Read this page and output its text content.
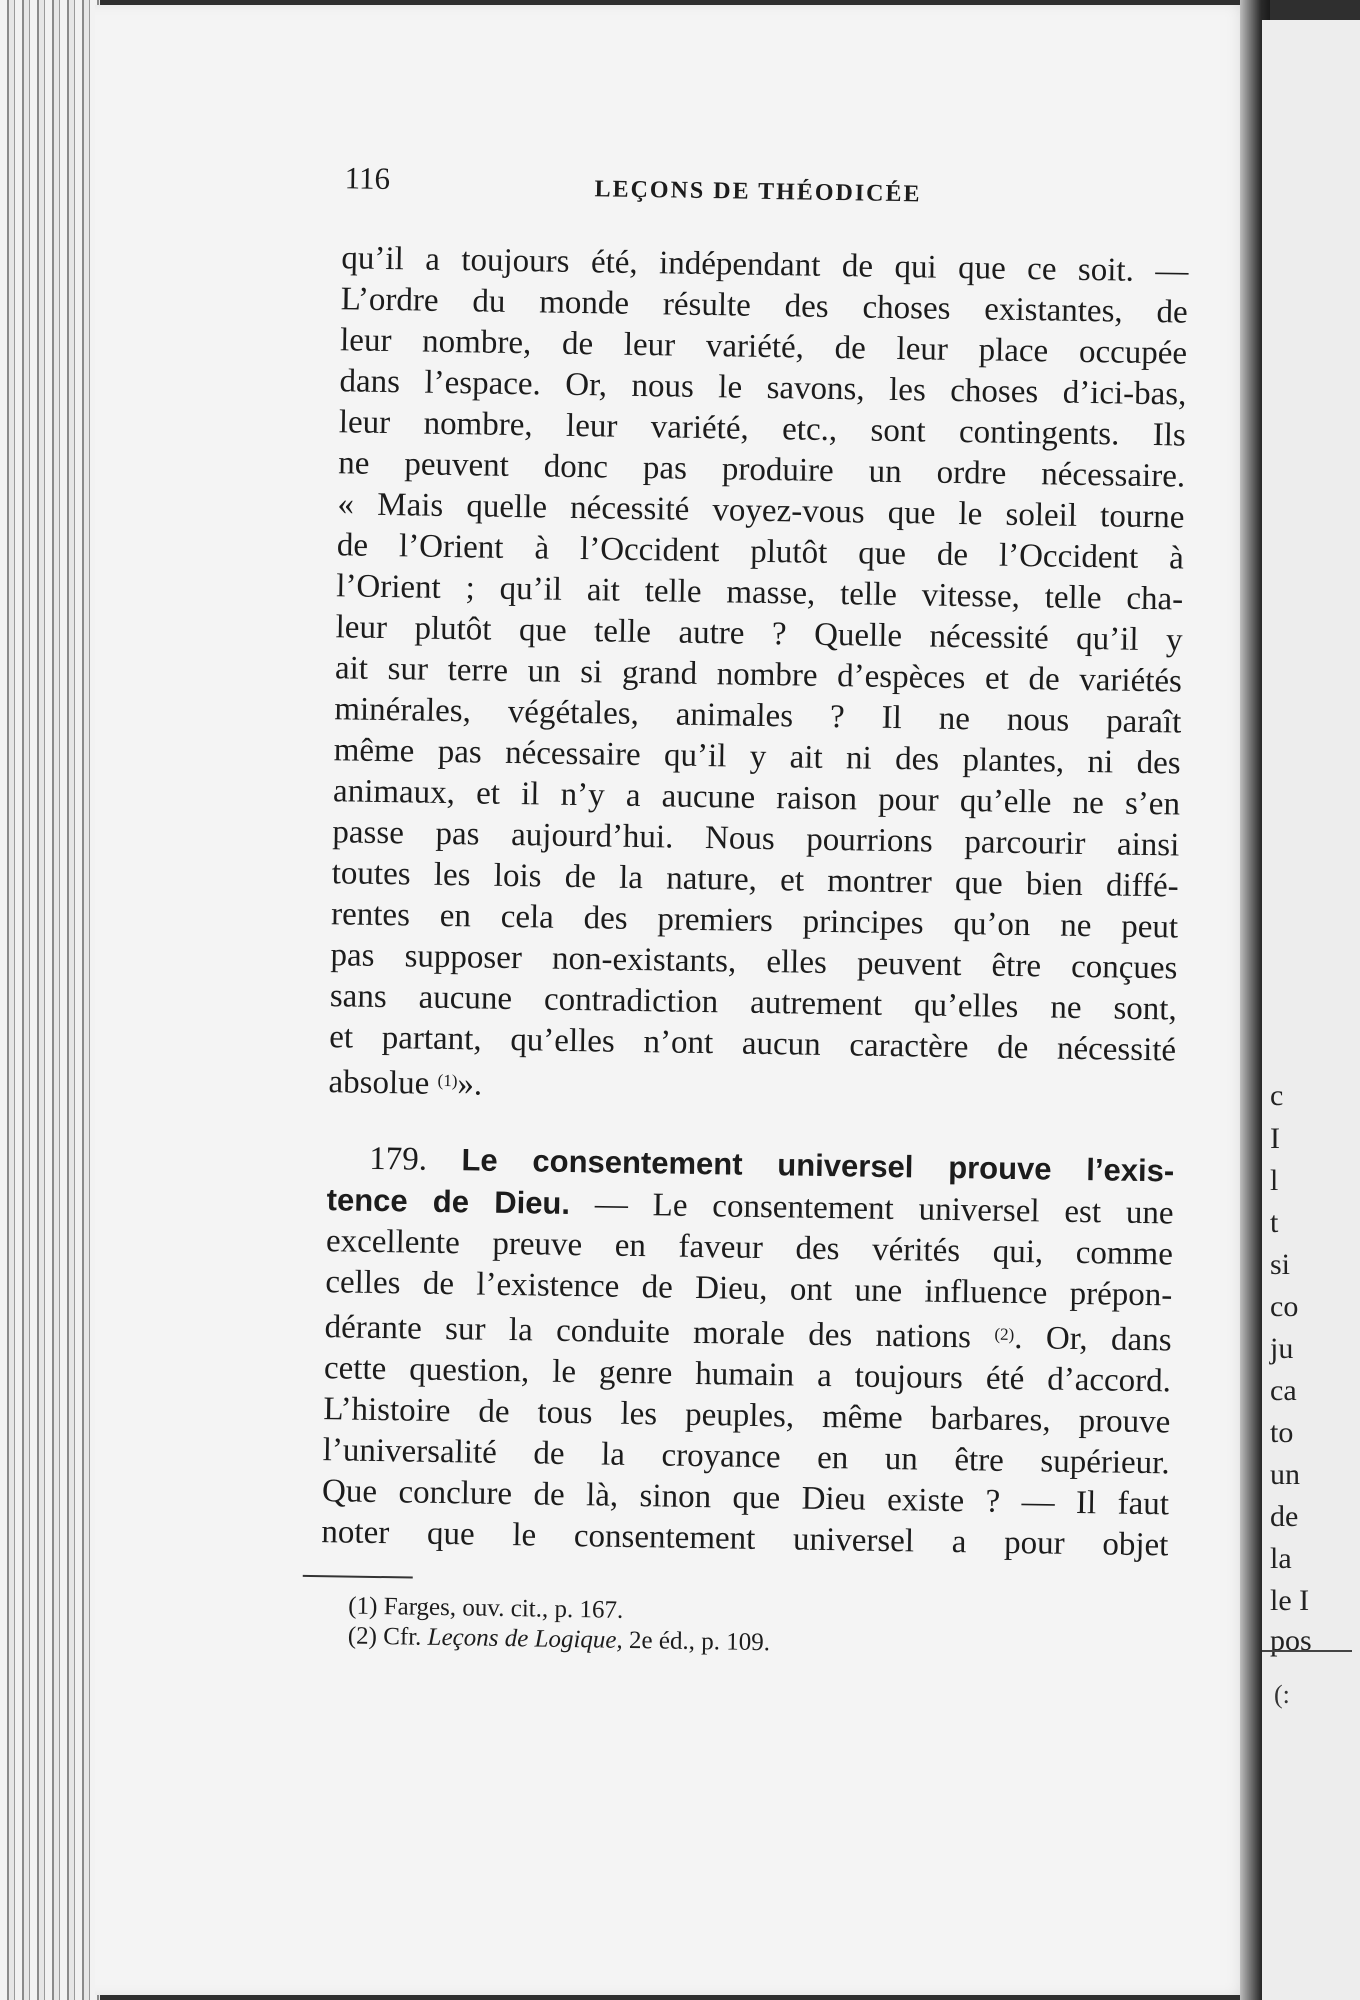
c
I
l
t
si
co
ju
ca
to
un
de
la
le I
pos
(:
116	LEÇONS DE THÉODICÉE
qu’il a toujours été, indépendant de qui que ce soit. —
L’ordre du monde résulte des choses existantes, de
leur nombre, de leur variété, de leur place occupée
dans l’espace. Or, nous le savons, les choses d’ici-bas,
leur nombre, leur variété, etc., sont contingents. Ils
ne peuvent donc pas produire un ordre nécessaire.
« Mais quelle nécessité voyez-vous que le soleil tourne
de l’Orient à l’Occident plutôt que de l’Occident à
l’Orient ; qu’il ait telle masse, telle vitesse, telle cha-
leur plutôt que telle autre ? Quelle nécessité qu’il y
ait sur terre un si grand nombre d’espèces et de variétés
minérales, végétales, animales ? Il ne nous paraît
même pas nécessaire qu’il y ait ni des plantes, ni des
animaux, et il n’y a aucune raison pour qu’elle ne s’en
passe pas aujourd’hui. Nous pourrions parcourir ainsi
toutes les lois de la nature, et montrer que bien diffé-
rentes en cela des premiers principes qu’on ne peut
pas supposer non-existants, elles peuvent être conçues
sans aucune contradiction autrement qu’elles ne sont,
et partant, qu’elles n’ont aucun caractère de nécessité
absolue $^{(1)}$».
179. Le consentement universel prouve l’exis-
tence de Dieu. — Le consentement universel est une
excellente preuve en faveur des vérités qui, comme
celles de l’existence de Dieu, ont une influence prépon-
dérante sur la conduite morale des nations $^{(2)}$. Or, dans
cette question, le genre humain a toujours été d’accord.
L’histoire de tous les peuples, même barbares, prouve
l’universalité de la croyance en un être supérieur.
Que conclure de là, sinon que Dieu existe ? — Il faut
noter que le consentement universel a pour objet
(1) Farges, ouv. cit., p. 167.
(2) Cfr. Leçons de Logique, 2e éd., p. 109.
